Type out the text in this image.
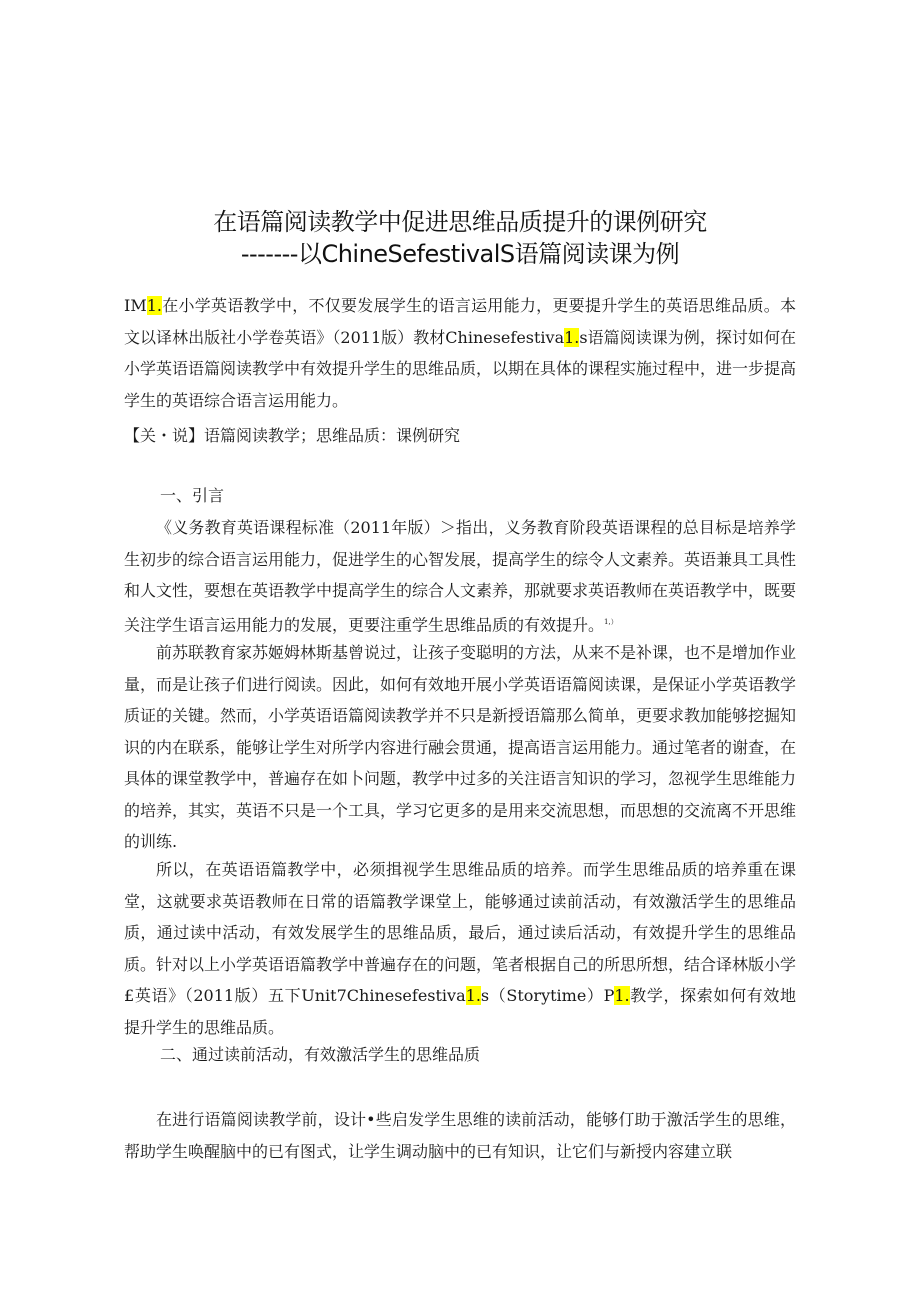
在语篇阅读教学中促进思维品质提升的课例研究
-------以ChineSefestivalS语篇阅读课为例

IM1.在小学英语教学中，不仅要发展学生的语言运用能力，更要提升学生的英语思维品质。本文以译林出版社小学卷英语》（2011版）教材Chinesefestiva1.s语篇阅读课为例，探讨如何在小学英语语篇阅读教学中有效提升学生的思维品质，以期在具体的课程实施过程中，进一步提高学生的英语综合语言运用能力。

【关・说】语篇阅读教学；思维品质：课例研究

一、引言

《义务教育英语课程标准（2011年版）＞指出，义务教育阶段英语课程的总目标是培养学生初步的综合语言运用能力，促进学生的心智发展，提高学生的综令人文素养。英语兼具工具性和人文性，要想在英语教学中提高学生的综合人文素养，那就要求英语教师在英语教学中，既要关注学生语言运用能力的发展，更要注重学生思维品质的有效提升。$^{1,)}$

前苏联教育家苏姬姆林斯基曾说过，让孩子变聪明的方法，从来不是补课，也不是增加作业量，而是让孩子们进行阅读。因此，如何有效地开展小学英语语篇阅读课，是保证小学英语教学质证的关键。然而，小学英语语篇阅读教学并不只是新授语篇那么简单，更要求教加能够挖掘知识的内在联系，能够让学生对所学内容进行融会贯通，提高语言运用能力。通过笔者的谢查，在具体的课堂教学中，普遍存在如卜问题，教学中过多的关注语言知识的学习，忽视学生思维能力的培养，其实，英语不只是一个工具，学习它更多的是用来交流思想，而思想的交流离不开思维的训练.

所以，在英语语篇教学中，必须揖视学生思维品质的培养。而学生思维品质的培养重在课堂，这就要求英语教师在日常的语篇教学课堂上，能够通过读前活动，有效激活学生的思维品质，通过读中活动，有效发展学生的思维品质，最后，通过读后活动，有效提升学生的思维品质。针对以上小学英语语篇教学中普遍存在的问题，笔者根据自己的所思所想，结合译林版小学£英语》（2011版）五下Unit7Chinesefestiva1.s（Storytime）P1.教学，探索如何有效地提升学生的思维品质。

二、通过读前活动，有效激活学生的思维品质

在进行语篇阅读教学前，设计•些启发学生思维的读前活动，能够仃助于激活学生的思维，帮助学生唤醒脑中的已有图式，让学生调动脑中的已有知识，让它们与新授内容建立联
